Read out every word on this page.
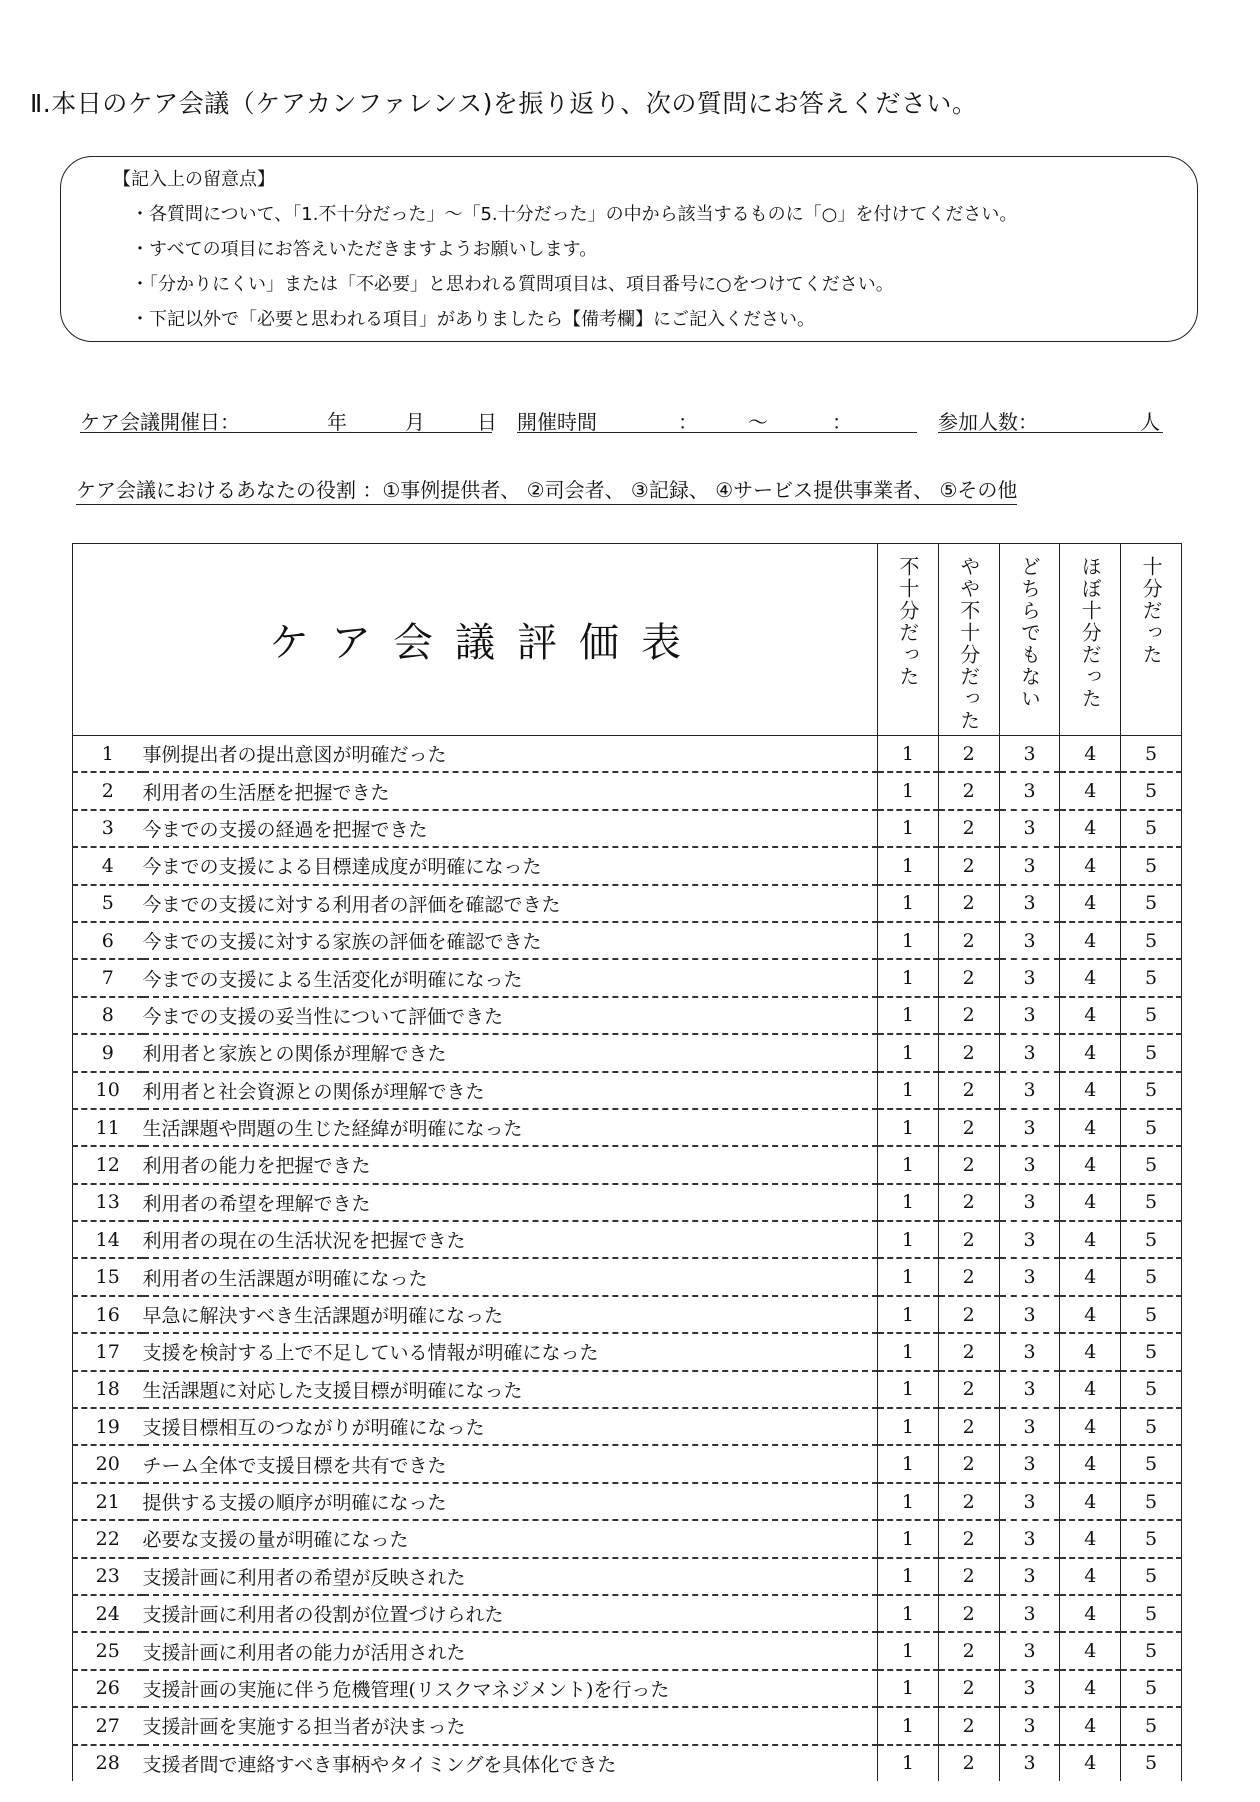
Ⅱ.本日のケア会議（ケアカンファレンス)を振り返り、次の質問にお答えください。
【記入上の留意点】
・各質問について、「1.不十分だった」～「5.十分だった」の中から該当するものに「○」を付けてください。
・すべての項目にお答えいただきますようお願いします。
・「分かりにくい」または「不必要」と思われる質問項目は、項目番号に○をつけてください。
・下記以外で「必要と思われる項目」がありましたら【備考欄】にご記入ください。
ケア会議開催日：	年	月	日 開催時間	：	～	：	参加人数：	人
ケア会議におけるあなたの役割 ：①事例提供者、 ②司会者、 ③記録、 ④サービス提供事業者、 ⑤その他
ケア会議評価表		不十分だった	やや不十分だった	どちらでもない	ほぼ十分だった	十分だった

1	事例提出者の提出意図が明確だった	1	2	3	4	5
2	利用者の生活歴を把握できた	1	2	3	4	5
3	今までの支援の経過を把握できた	1	2	3	4	5
4	今までの支援による目標達成度が明確になった	1	2	3	4	5
5	今までの支援に対する利用者の評価を確認できた	1	2	3	4	5
6	今までの支援に対する家族の評価を確認できた	1	2	3	4	5
7	今までの支援による生活変化が明確になった	1	2	3	4	5
8	今までの支援の妥当性について評価できた	1	2	3	4	5
9	利用者と家族との関係が理解できた	1	2	3	4	5
10	利用者と社会資源との関係が理解できた	1	2	3	4	5
11	生活課題や問題の生じた経緯が明確になった	1	2	3	4	5
12	利用者の能力を把握できた	1	2	3	4	5
13	利用者の希望を理解できた	1	2	3	4	5
14	利用者の現在の生活状況を把握できた	1	2	3	4	5
15	利用者の生活課題が明確になった	1	2	3	4	5
16	早急に解決すべき生活課題が明確になった	1	2	3	4	5
17	支援を検討する上で不足している情報が明確になった	1	2	3	4	5
18	生活課題に対応した支援目標が明確になった	1	2	3	4	5
19	支援目標相互のつながりが明確になった	1	2	3	4	5
20	チーム全体で支援目標を共有できた	1	2	3	4	5
21	提供する支援の順序が明確になった	1	2	3	4	5
22	必要な支援の量が明確になった	1	2	3	4	5
23	支援計画に利用者の希望が反映された	1	2	3	4	5
24	支援計画に利用者の役割が位置づけられた	1	2	3	4	5
25	支援計画に利用者の能力が活用された	1	2	3	4	5
26	支援計画の実施に伴う危機管理(リスクマネジメント)を行った	1	2	3	4	5
27	支援計画を実施する担当者が決まった	1	2	3	4	5
28	支援者間で連絡すべき事柄やタイミングを具体化できた	1	2	3	4	5
